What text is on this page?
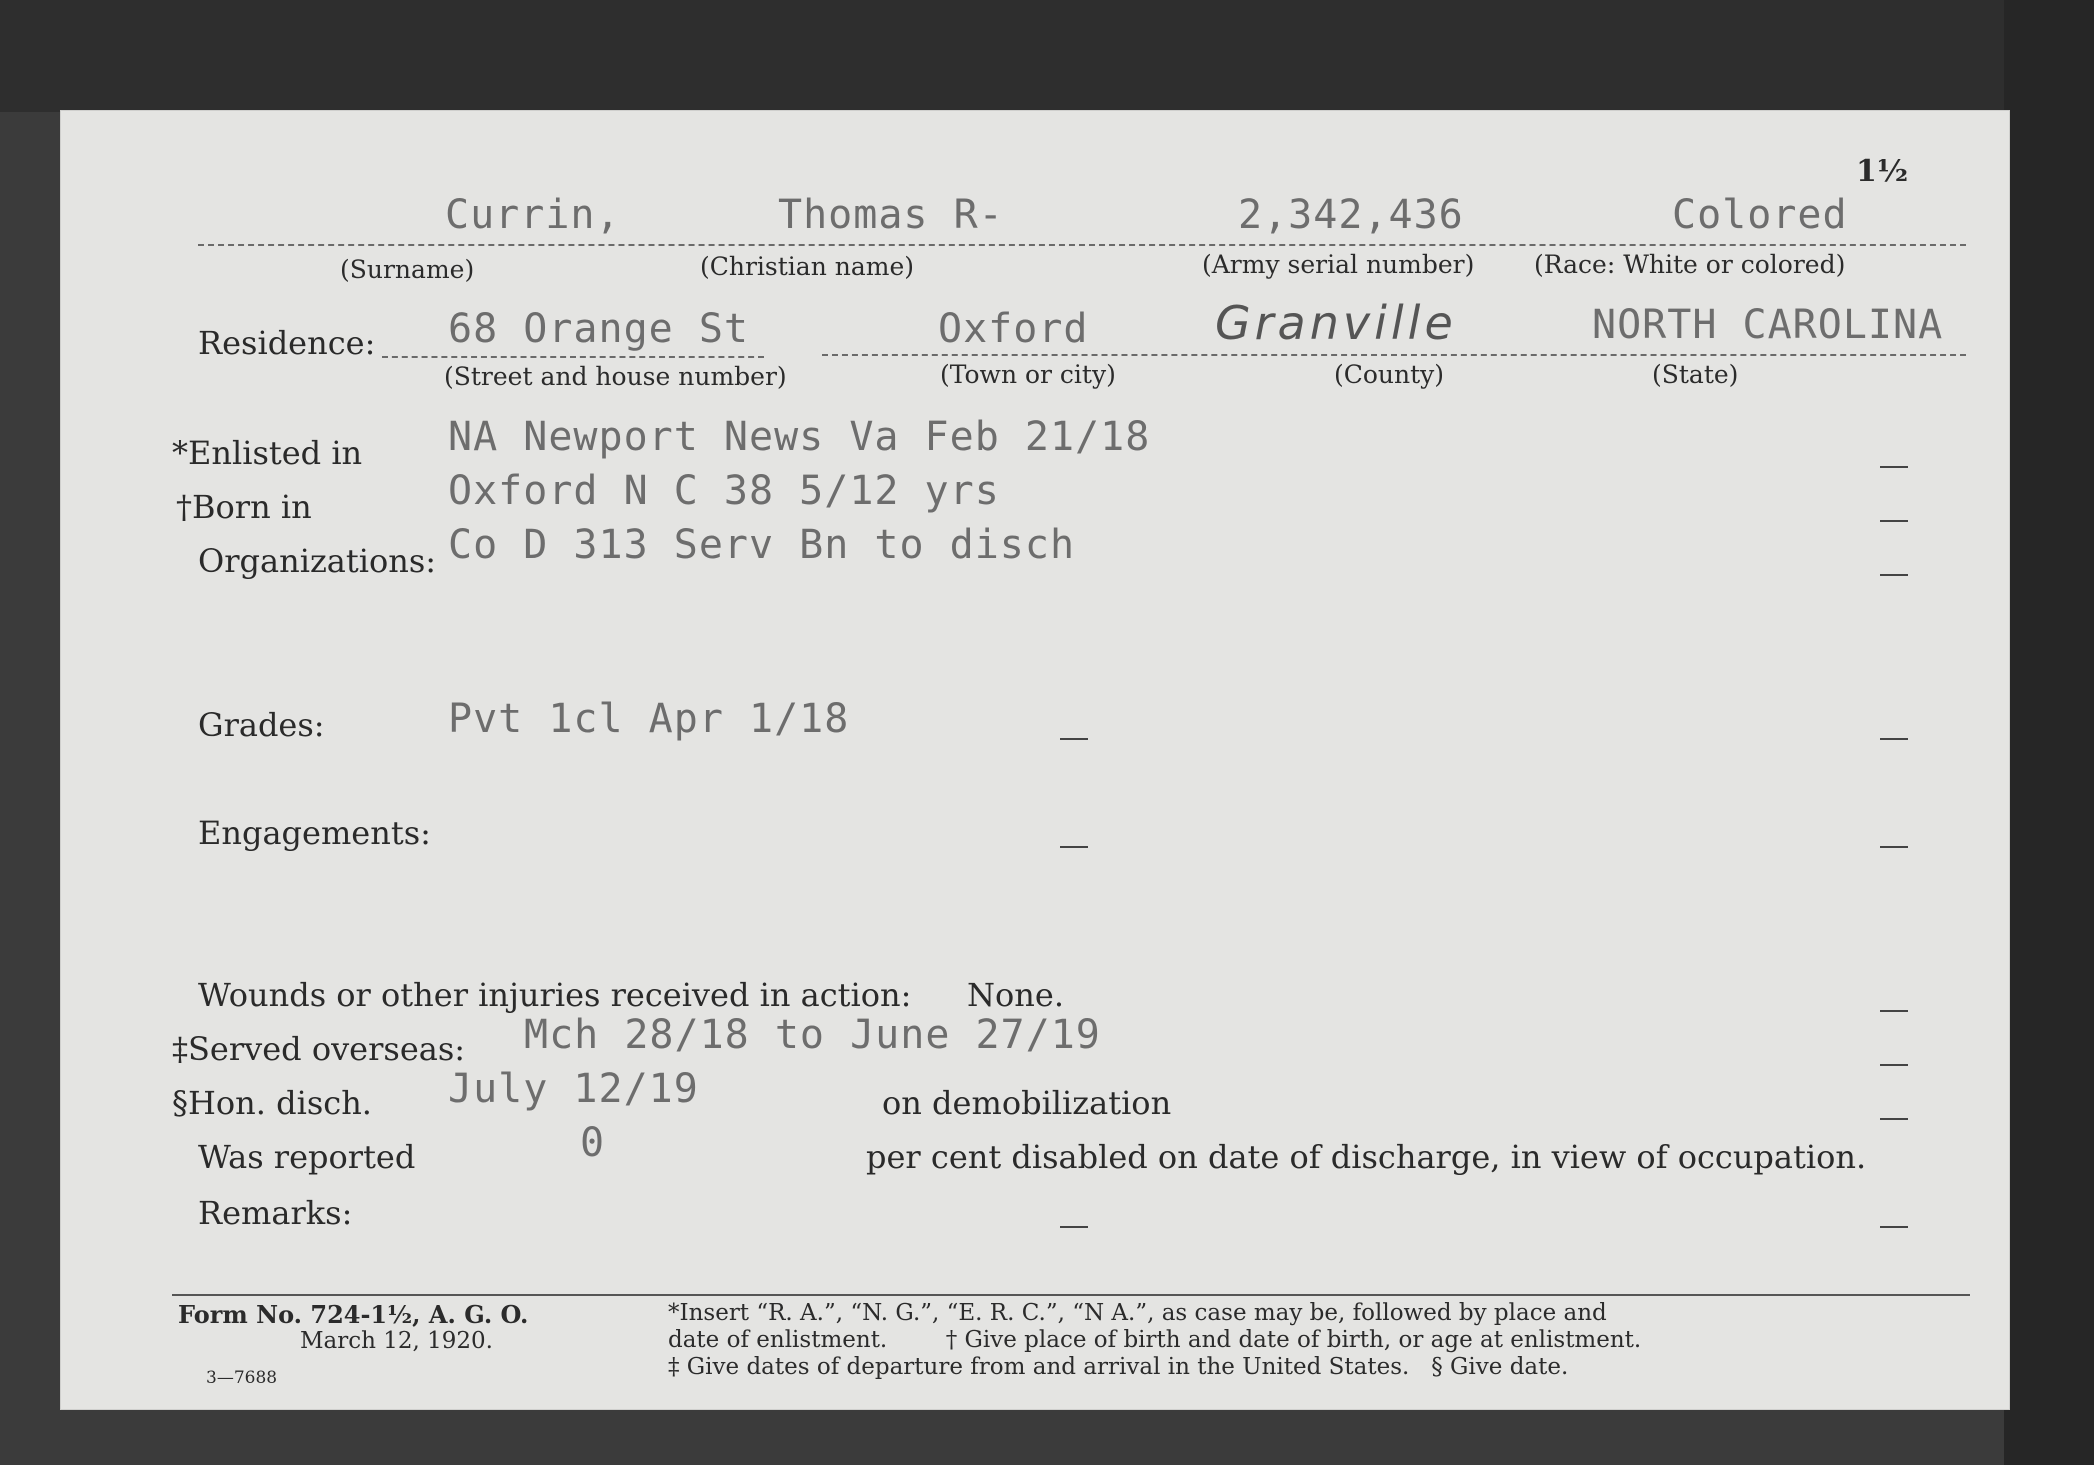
1½
Currin,	Thomas R-	2,342,436	Colored
(Surname)	(Christian name)	(Army serial number) (Race: White or colored)
Residence: 68 Orange St	Oxford	Granville	NORTH CAROLINA
(Street and house number)	(Town or city)	(County)	(State)
*Enlisted in NA Newport News Va Feb 21/18
†Born in	Oxford N C 38 5/12 yrs
Organizations: Co D 313 Serv Bn to disch
Grades:	Pvt 1cl Apr 1/18
Engagements:
Wounds or other injuries received in action: None.
‡Served overseas: Mch 28/18 to June 27/19
§Hon. disch. July 12/19	on demobilization
Was reported	0	per cent disabled on date of discharge, in view of occupation.
Remarks:
Form No. 724-1½, A. G. O.
March 12, 1920.
3—7688
*Insert “R. A.”, “N. G.”, “E. R. C.”, “N A.”, as case may be, followed by place and
date of enlistment.        † Give place of birth and date of birth, or age at enlistment.
‡ Give dates of departure from and arrival in the United States.   § Give date.
